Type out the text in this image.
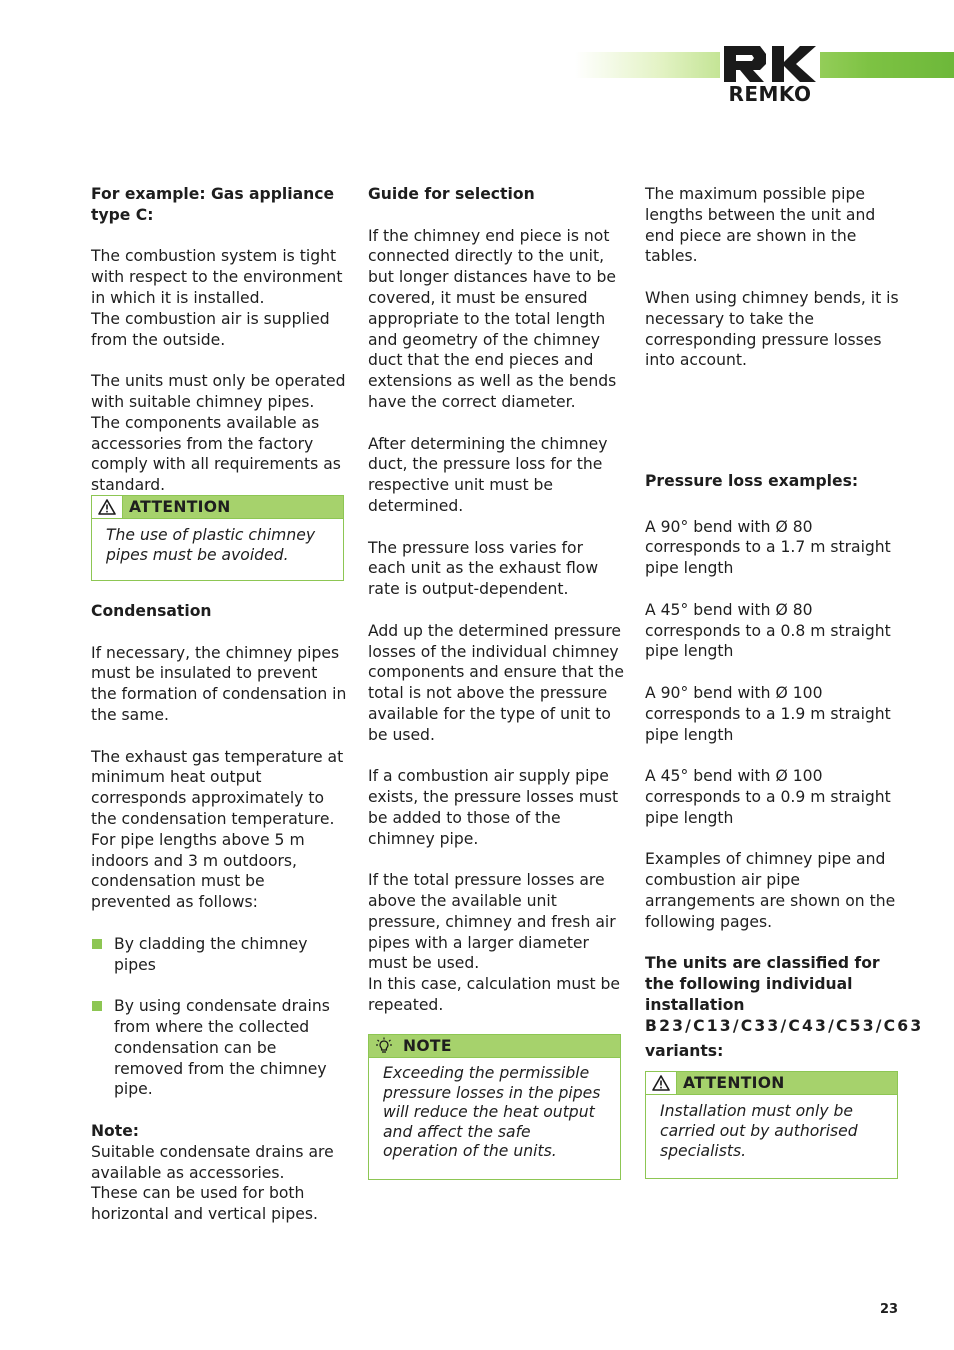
REMKO

For example: Gas appliance type C:

The combustion system is tight with respect to the environment in which it is installed.

The combustion air is supplied from the outside.

The units must only be operated with suitable chimney pipes.

The components available as accessories from the factory comply with all requirements as standard.

ATTENTION
The use of plastic chimney pipes must be avoided.

Condensation

If necessary, the chimney pipes must be insulated to prevent the formation of condensation in the same.

The exhaust gas temperature at minimum heat output corresponds approximately to the condensation temperature.

For pipe lengths above 5 m indoors and 3 m outdoors, condensation must be prevented as follows:

By cladding the chimney pipes

By using condensate drains from where the collected condensation can be removed from the chimney pipe.

Note:

Suitable condensate drains are available as accessories.

These can be used for both horizontal and vertical pipes.

Guide for selection

If the chimney end piece is not connected directly to the unit, but longer distances have to be covered, it must be ensured appropriate to the total length and geometry of the chimney duct that the end pieces and extensions as well as the bends have the correct diameter.

After determining the chimney duct, the pressure loss for the respective unit must be determined.

The pressure loss varies for each unit as the exhaust flow rate is output-dependent.

Add up the determined pressure losses of the individual chimney components and ensure that the total is not above the pressure available for the type of unit to be used.

If a combustion air supply pipe exists, the pressure losses must be added to those of the chimney pipe.

If the total pressure losses are above the available unit pressure, chimney and fresh air pipes with a larger diameter must be used.

In this case, calculation must be repeated.

NOTE
Exceeding the permissible pressure losses in the pipes will reduce the heat output and affect the safe operation of the units.

The maximum possible pipe lengths between the unit and end piece are shown in the tables.

When using chimney bends, it is necessary to take the corresponding pressure losses into account.

Pressure loss examples:

A 90° bend with Ø 80 corresponds to a 1.7 m straight pipe length

A 45° bend with Ø 80 corresponds to a 0.8 m straight pipe length

A 90° bend with Ø 100 corresponds to a 1.9 m straight pipe length

A 45° bend with Ø 100 corresponds to a 0.9 m straight pipe length

Examples of chimney pipe and combustion air pipe arrangements are shown on the following pages.

The units are classified for the following individual installation

B23/C13/C33/C43/C53/C63

variants:

ATTENTION
Installation must only be carried out by authorised specialists.
23
